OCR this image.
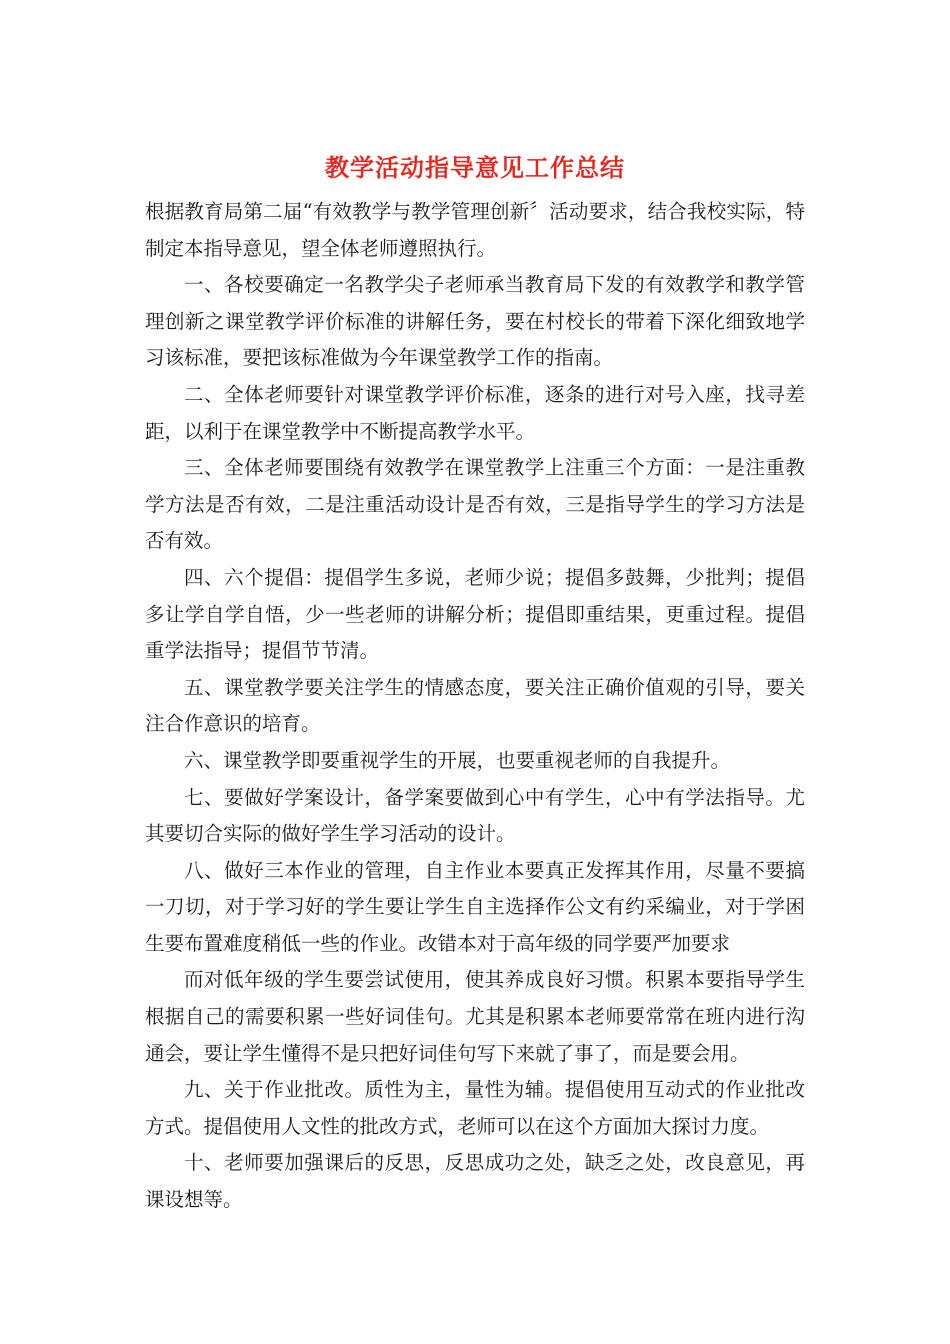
教学活动指导意见工作总结

根据教育局第二届“有效教学与教学管理创新〞活动要求，结合我校实际，特制定本指导意见，望全体老师遵照执行。

一、各校要确定一名教学尖子老师承当教育局下发的有效教学和教学管理创新之课堂教学评价标准的讲解任务，要在村校长的带着下深化细致地学习该标准，要把该标准做为今年课堂教学工作的指南。

二、全体老师要针对课堂教学评价标准，逐条的进行对号入座，找寻差距，以利于在课堂教学中不断提高教学水平。

三、全体老师要围绕有效教学在课堂教学上注重三个方面：一是注重教学方法是否有效，二是注重活动设计是否有效，三是指导学生的学习方法是否有效。

四、六个提倡：提倡学生多说，老师少说；提倡多鼓舞，少批判；提倡多让学自学自悟，少一些老师的讲解分析；提倡即重结果，更重过程。提倡重学法指导；提倡节节清。

五、课堂教学要关注学生的情感态度，要关注正确价值观的引导，要关注合作意识的培育。

六、课堂教学即要重视学生的开展，也要重视老师的自我提升。

七、要做好学案设计，备学案要做到心中有学生，心中有学法指导。尤其要切合实际的做好学生学习活动的设计。

八、做好三本作业的管理，自主作业本要真正发挥其作用，尽量不要搞一刀切，对于学习好的学生要让学生自主选择作公文有约采编业，对于学困生要布置难度稍低一些的作业。改错本对于高年级的同学要严加要求

而对低年级的学生要尝试使用，使其养成良好习惯。积累本要指导学生根据自己的需要积累一些好词佳句。尤其是积累本老师要常常在班内进行沟通会，要让学生懂得不是只把好词佳句写下来就了事了，而是要会用。

九、关于作业批改。质性为主，量性为辅。提倡使用互动式的作业批改方式。提倡使用人文性的批改方式，老师可以在这个方面加大探讨力度。

十、老师要加强课后的反思，反思成功之处，缺乏之处，改良意见，再课设想等。
